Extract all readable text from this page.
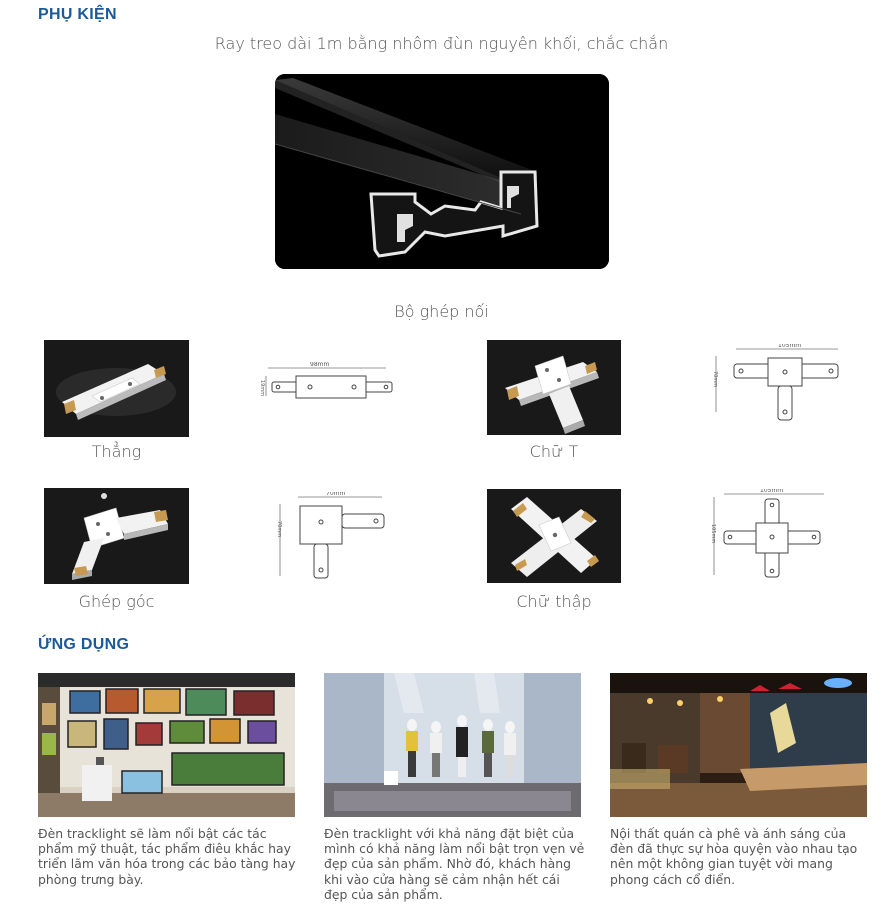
PHỤ KIỆN
Ray treo dài 1m bằng nhôm đùn nguyên khối, chắc chắn
Bộ ghép nối
98mm
19mm
Thẳng
105mm
70mm
Chữ T
70mm
70mm
Ghép góc
105mm
105mm
Chữ thập
ỨNG DỤNG
Đèn tracklight sẽ làm nổi bật các tác phẩm mỹ thuật, tác phẩm điêu khắc hay triển lãm văn hóa trong các bảo tàng hay phòng trưng bày.
Đèn tracklight với khả năng đặt biệt của mình có khả năng làm nổi bật trọn vẹn vẻ đẹp của sản phẩm. Nhờ đó, khách hàng khi vào cửa hàng sẽ cảm nhận hết cái đẹp của sản phẩm.
Nội thất quán cà phê và ánh sáng của đèn đã thực sự hòa quyện vào nhau tạo nên một không gian tuyệt vời mang phong cách cổ điển.
